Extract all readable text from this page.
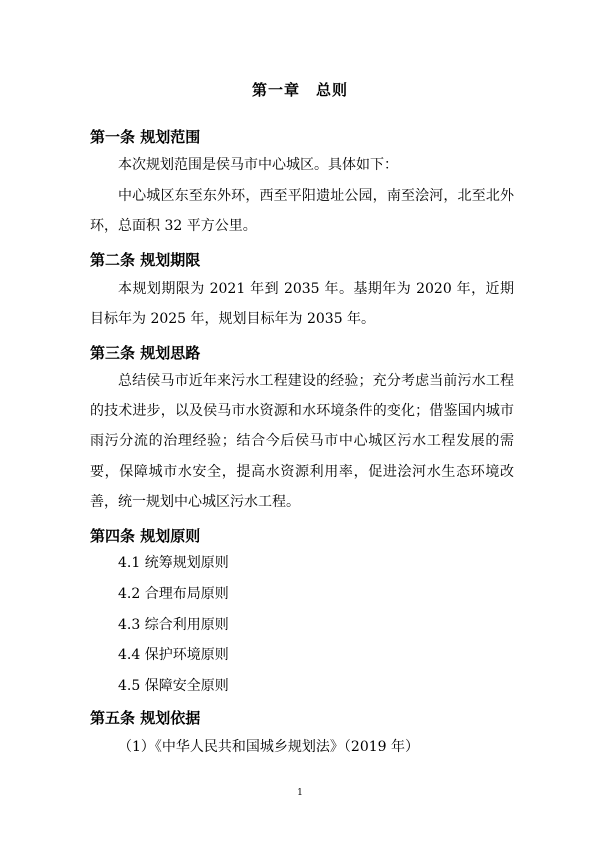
第一章　总则
第一条 规划范围

本次规划范围是侯马市中心城区。具体如下：

中心城区东至东外环，西至平阳遗址公园，南至浍河，北至北外环，总面积 32 平方公里。

第二条 规划期限

本规划期限为 2021 年到 2035 年。基期年为 2020 年，近期目标年为 2025 年，规划目标年为 2035 年。

第三条 规划思路

总结侯马市近年来污水工程建设的经验；充分考虑当前污水工程的技术进步，以及侯马市水资源和水环境条件的变化；借鉴国内城市雨污分流的治理经验；结合今后侯马市中心城区污水工程发展的需要，保障城市水安全，提高水资源利用率，促进浍河水生态环境改善，统一规划中心城区污水工程。

第四条 规划原则

4.1 统筹规划原则

4.2 合理布局原则

4.3 综合利用原则

4.4 保护环境原则

4.5 保障安全原则

第五条 规划依据

（1）《中华人民共和国城乡规划法》（2019 年）

1
